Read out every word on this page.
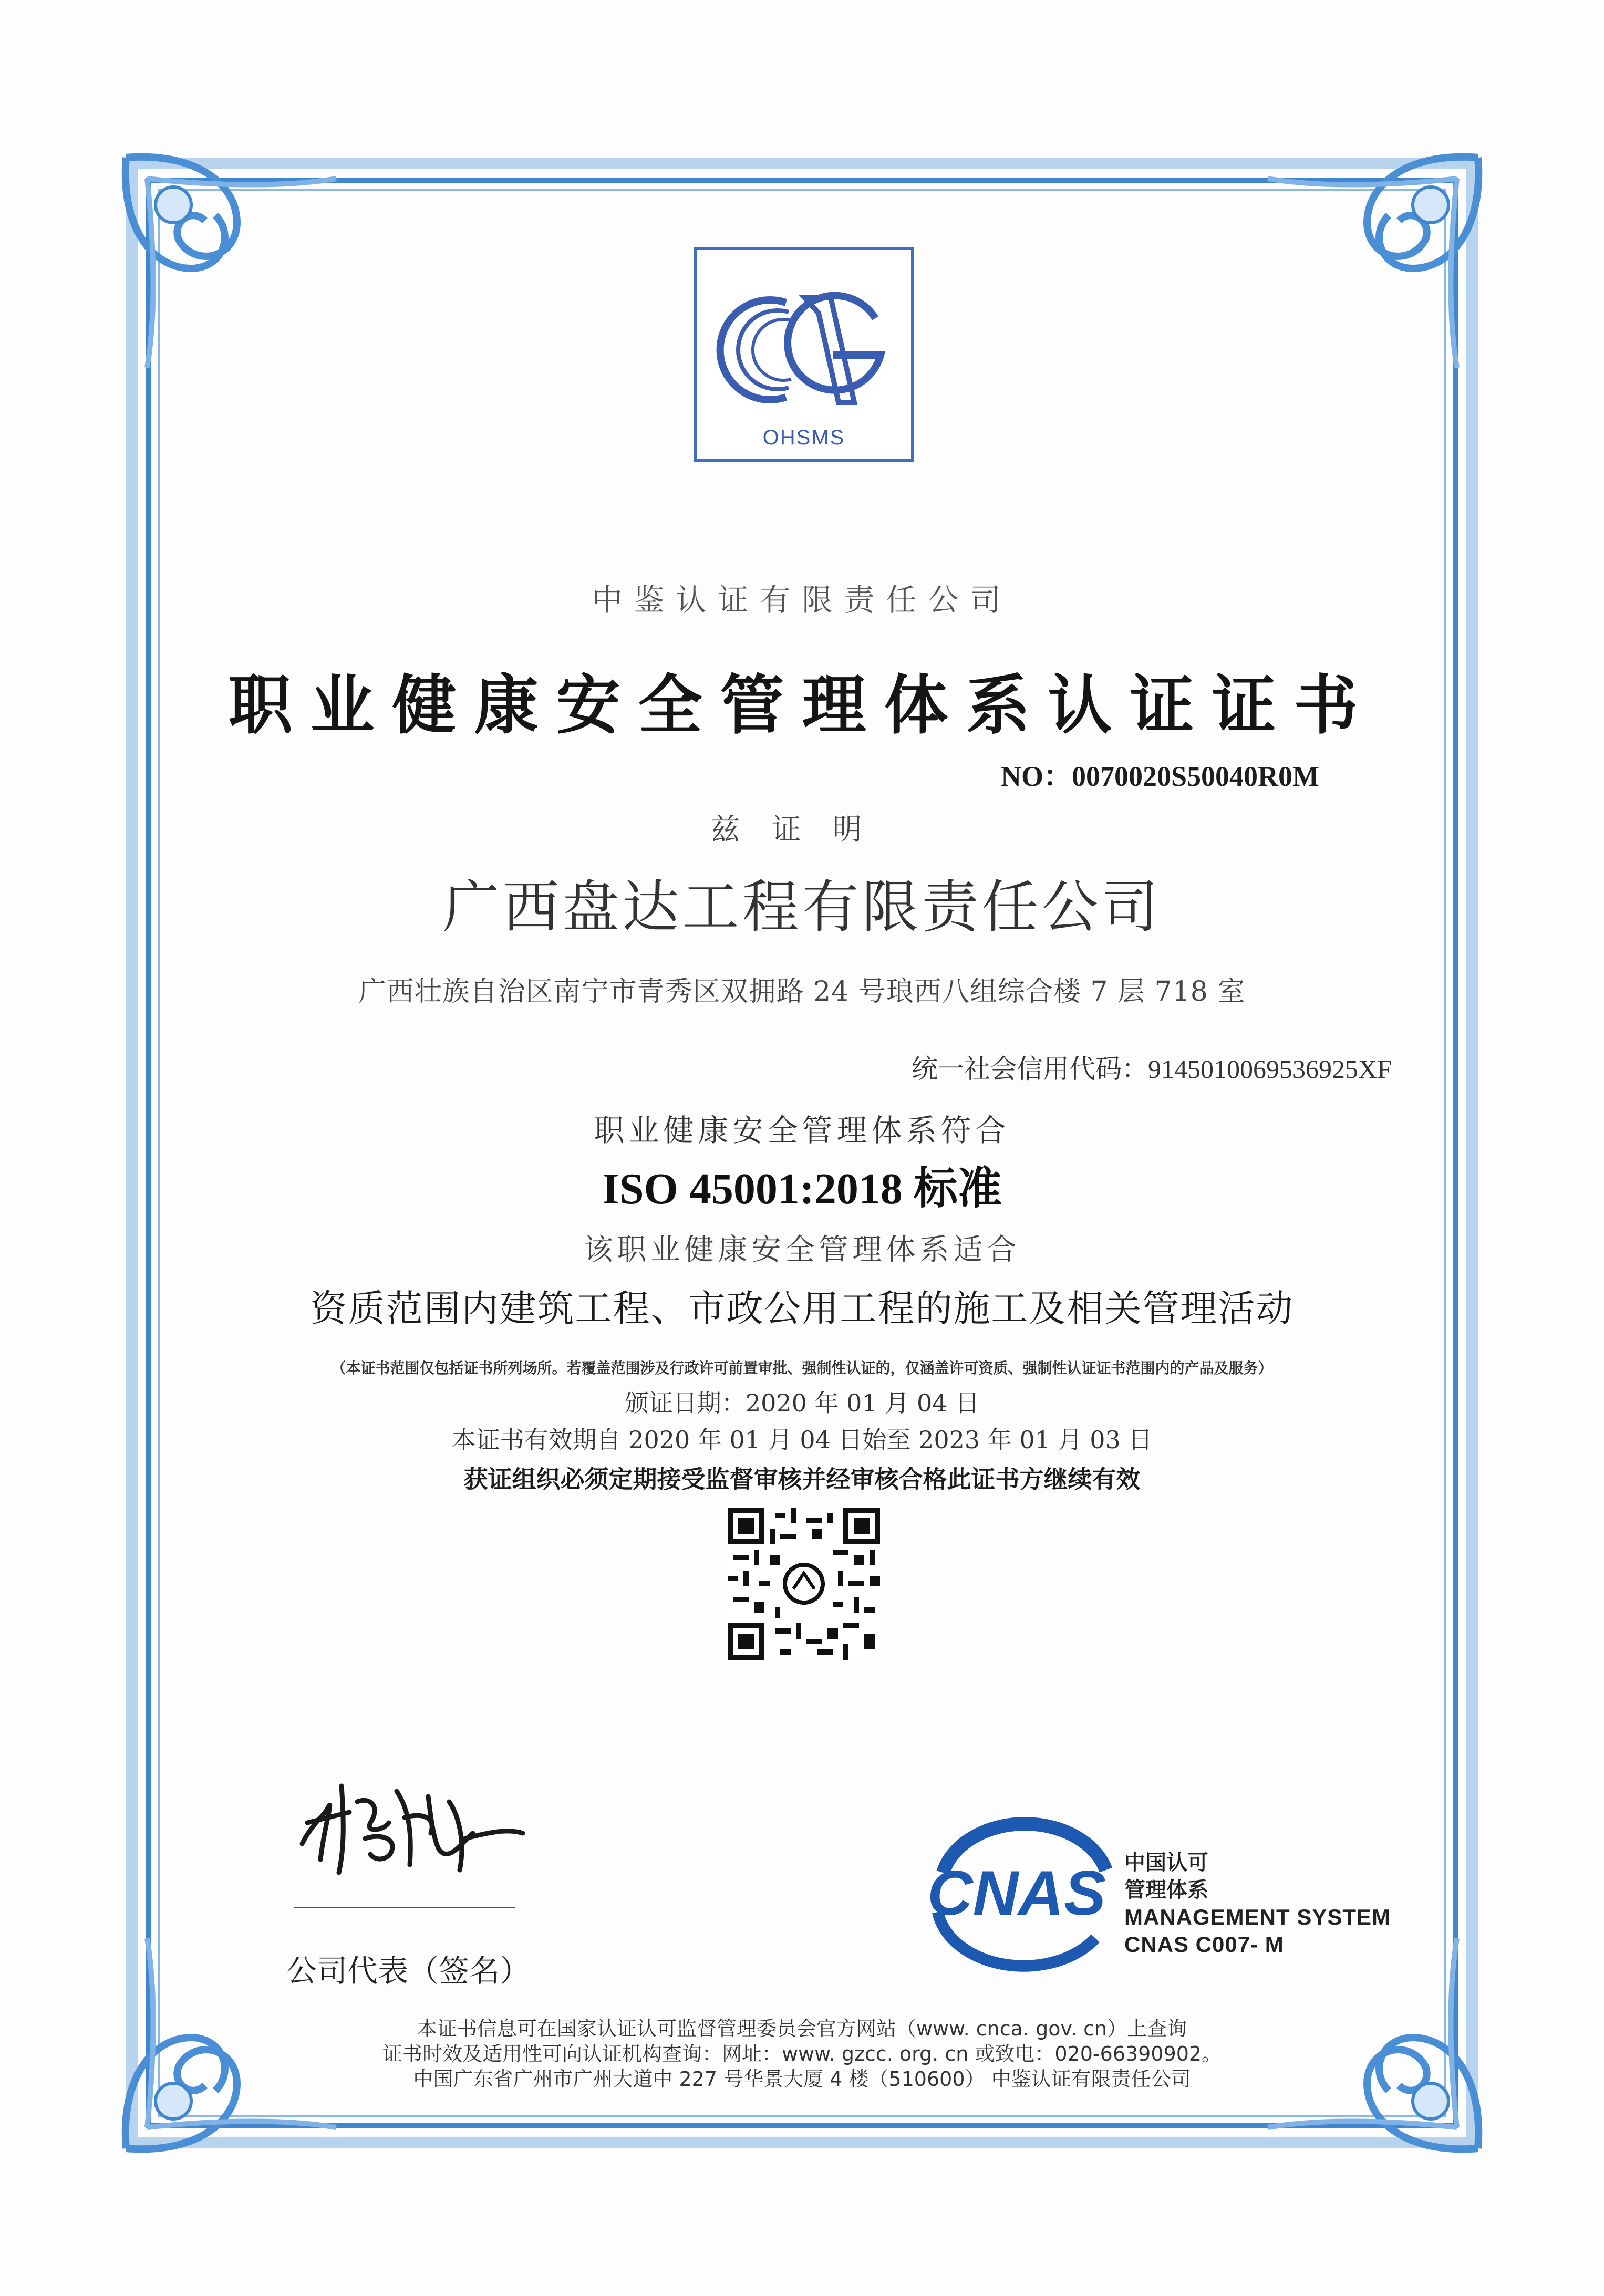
OHSMS
中鉴认证有限责任公司
职业健康安全管理体系认证证书
NO：0070020S50040R0M
兹证明
广西盘达工程有限责任公司
广西壮族自治区南宁市青秀区双拥路 24 号琅西八组综合楼 7 层 718 室
统一社会信用代码：9145010069536925XF
职业健康安全管理体系符合
ISO 45001:2018 标准
该职业健康安全管理体系适合
资质范围内建筑工程、市政公用工程的施工及相关管理活动
（本证书范围仅包括证书所列场所。若覆盖范围涉及行政许可前置审批、强制性认证的，仅涵盖许可资质、强制性认证证书范围内的产品及服务）
颁证日期：2020 年 01 月 04 日
本证书有效期自 2020 年 01 月 04 日始至 2023 年 01 月 03 日
获证组织必须定期接受监督审核并经审核合格此证书方继续有效
公司代表（签名）
CNAS 中国认可
管理体系
MANAGEMENT SYSTEM
CNAS C007- M
本证书信息可在国家认证认可监督管理委员会官方网站（www. cnca. gov. cn）上查询
证书时效及适用性可向认证机构查询：网址：www. gzcc. org. cn 或致电：020-66390902。
中国广东省广州市广州大道中 227 号华景大厦 4 楼（510600） 中鉴认证有限责任公司
